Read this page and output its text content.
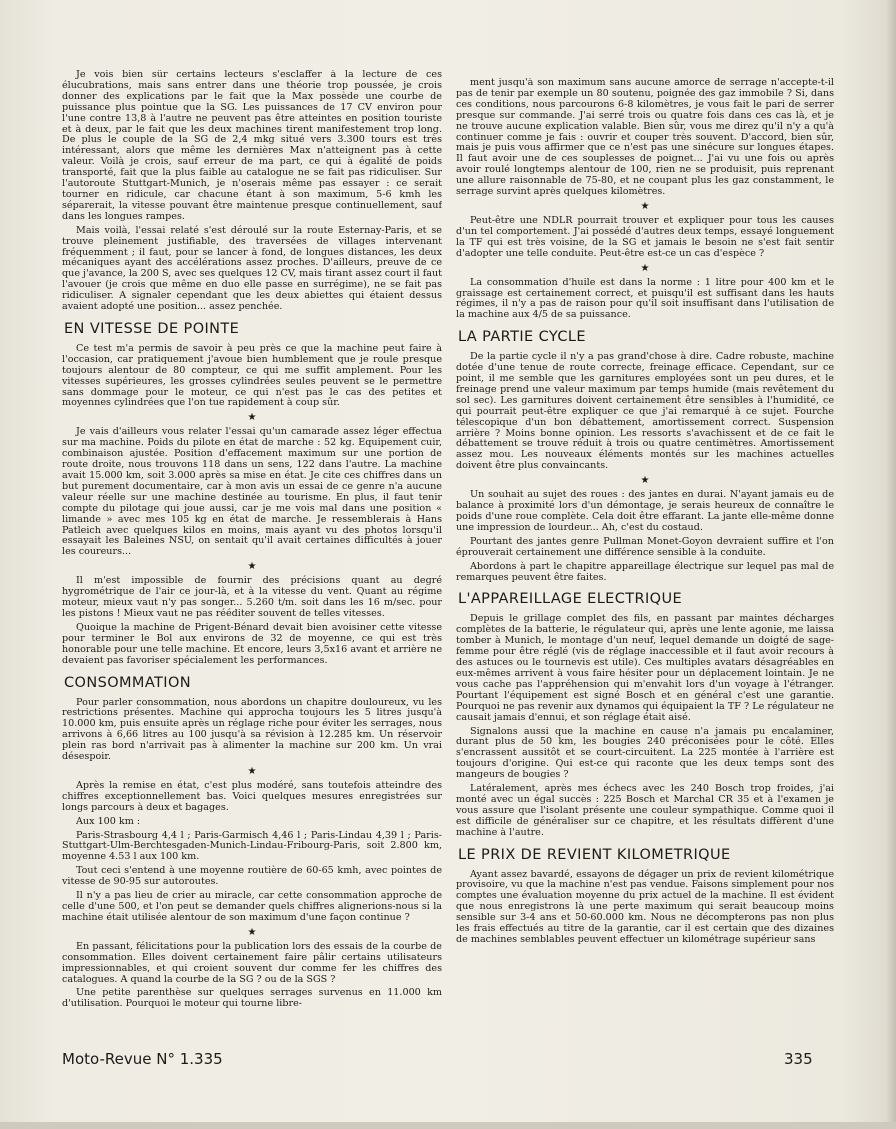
Je vois bien sûr certains lecteurs s'esclaffer à la lecture de ces élucubrations, mais sans entrer dans une théorie trop poussée, je crois donner des explications par le fait que la Max possède une courbe de puissance plus pointue que la SG. Les puissances de 17 CV environ pour l'une contre 13,8 à l'autre ne peuvent pas être atteintes en position touriste et à deux, par le fait que les deux machines tirent manifestement trop long. De plus le couple de la SG de 2,4 mkg situé vers 3.300 tours est très intéressant, alors que même les dernières Max n'atteignent pas à cette valeur. Voilà je crois, sauf erreur de ma part, ce qui à égalité de poids transporté, fait que la plus faible au catalogue ne se fait pas ridiculiser. Sur l'autoroute Stuttgart-Munich, je n'oserais même pas essayer : ce serait tourner en ridicule, car chacune étant à son maximum, 5-6 kmh les séparerait, la vitesse pouvant être maintenue presque continuellement, sauf dans les longues rampes.

Mais voilà, l'essai relaté s'est déroulé sur la route Esternay-Paris, et se trouve pleinement justifiable, des traversées de villages intervenant fréquemment ; il faut, pour se lancer à fond, de longues distances, les deux mécaniques ayant des accélérations assez proches. D'ailleurs, preuve de ce que j'avance, la 200 S, avec ses quelques 12 CV, mais tirant assez court il faut l'avouer (je crois que même en duo elle passe en surrégime), ne se fait pas ridiculiser. A signaler cependant que les deux abiettes qui étaient dessus avaient adopté une position... assez penchée.

EN VITESSE DE POINTE

Ce test m'a permis de savoir à peu près ce que la machine peut faire à l'occasion, car pratiquement j'avoue bien humblement que je roule presque toujours alentour de 80 compteur, ce qui me suffit amplement. Pour les vitesses supérieures, les grosses cylindrées seules peuvent se le permettre sans dommage pour le moteur, ce qui n'est pas le cas des petites et moyennes cylindrées que l'on tue rapidement à coup sûr.

★

Je vais d'ailleurs vous relater l'essai qu'un camarade assez léger effectua sur ma machine. Poids du pilote en état de marche : 52 kg. Equipement cuir, combinaison ajustée. Position d'effacement maximum sur une portion de route droite, nous trouvons 118 dans un sens, 122 dans l'autre. La machine avait 15.000 km, soit 3.000 après sa mise en état. Je cite ces chiffres dans un but purement documentaire, car à mon avis un essai de ce genre n'a aucune valeur réelle sur une machine destinée au tourisme. En plus, il faut tenir compte du pilotage qui joue aussi, car je me vois mal dans une position « limande » avec mes 105 kg en état de marche. Je ressemblerais à Hans Patleich avec quelques kilos en moins, mais ayant vu des photos lorsqu'il essayait les Baleines NSU, on sentait qu'il avait certaines difficultés à jouer les coureurs...

★

Il m'est impossible de fournir des précisions quant au degré hygrométrique de l'air ce jour-là, et à la vitesse du vent. Quant au régime moteur, mieux vaut n'y pas songer... 5.260 t/m. soit dans les 16 m/sec. pour les pistons ! Mieux vaut ne pas rééditer souvent de telles vitesses.

Quoique la machine de Prigent-Bénard devait bien avoisiner cette vitesse pour terminer le Bol aux environs de 32 de moyenne, ce qui est très honorable pour une telle machine. Et encore, leurs 3,5x16 avant et arrière ne devaient pas favoriser spécialement les performances.

CONSOMMATION

Pour parler consommation, nous abordons un chapitre douloureux, vu les restrictions présentes. Machine qui approcha toujours les 5 litres jusqu'à 10.000 km, puis ensuite après un réglage riche pour éviter les serrages, nous arrivons à 6,66 litres au 100 jusqu'à sa révision à 12.285 km. Un réservoir plein ras bord n'arrivait pas à alimenter la machine sur 200 km. Un vrai désespoir.

★

Après la remise en état, c'est plus modéré, sans toutefois atteindre des chiffres exceptionnellement bas. Voici quelques mesures enregistrées sur longs parcours à deux et bagages.

Aux 100 km :

Paris-Strasbourg 4,4 l ; Paris-Garmisch 4,46 l ; Paris-Lindau 4,39 l ; Paris-Stuttgart-Ulm-Berchtesgaden-Munich-Lindau-Fribourg-Paris, soit 2.800 km, moyenne 4.53 l aux 100 km.

Tout ceci s'entend à une moyenne routière de 60-65 kmh, avec pointes de vitesse de 90-95 sur autoroutes.

Il n'y a pas lieu de crier au miracle, car cette consommation approche de celle d'une 500, et l'on peut se demander quels chiffres alignerions-nous si la machine était utilisée alentour de son maximum d'une façon continue ?

★

En passant, félicitations pour la publication lors des essais de la courbe de consommation. Elles doivent certainement faire pâlir certains utilisateurs impressionnables, et qui croient souvent dur comme fer les chiffres des catalogues. A quand la courbe de la SG ? ou de la SGS ?

Une petite parenthèse sur quelques serrages survenus en 11.000 km d'utilisation. Pourquoi le moteur qui tourne libre-

ment jusqu'à son maximum sans aucune amorce de serrage n'accepte-t-il pas de tenir par exemple un 80 soutenu, poignée des gaz immobile ? Si, dans ces conditions, nous parcourons 6-8 kilomètres, je vous fait le pari de serrer presque sur commande. J'ai serré trois ou quatre fois dans ces cas là, et je ne trouve aucune explication valable. Bien sûr, vous me direz qu'il n'y a qu'à continuer comme je fais : ouvrir et couper très souvent. D'accord, bien sûr, mais je puis vous affirmer que ce n'est pas une sinécure sur longues étapes. Il faut avoir une de ces souplesses de poignet... J'ai vu une fois ou après avoir roulé longtemps alentour de 100, rien ne se produisit, puis reprenant une allure raisonnable de 75-80, et ne coupant plus les gaz constamment, le serrage survint après quelques kilomètres.

★

Peut-être une NDLR pourrait trouver et expliquer pour tous les causes d'un tel comportement. J'ai possédé d'autres deux temps, essayé longuement la TF qui est très voisine, de la SG et jamais le besoin ne s'est fait sentir d'adopter une telle conduite. Peut-être est-ce un cas d'espèce ?

★

La consommation d'huile est dans la norme : 1 litre pour 400 km et le graissage est certainement correct, et puisqu'il est suffisant dans les hauts régimes, il n'y a pas de raison pour qu'il soit insuffisant dans l'utilisation de la machine aux 4/5 de sa puissance.

LA PARTIE CYCLE

De la partie cycle il n'y a pas grand'chose à dire. Cadre robuste, machine dotée d'une tenue de route correcte, freinage efficace. Cependant, sur ce point, il me semble que les garnitures employées sont un peu dures, et le freinage prend une valeur maximum par temps humide (mais revêtement du sol sec). Les garnitures doivent certainement être sensibles à l'humidité, ce qui pourrait peut-être expliquer ce que j'ai remarqué à ce sujet. Fourche télescopique d'un bon débattement, amortissement correct. Suspension arrière ? Moins bonne opinion. Les ressorts s'avachissent et de ce fait le débattement se trouve réduit à trois ou quatre centimètres. Amortissement assez mou. Les nouveaux éléments montés sur les machines actuelles doivent être plus convaincants.

★

Un souhait au sujet des roues : des jantes en durai. N'ayant jamais eu de balance à proximité lors d'un démontage, je serais heureux de connaître le poids d'une roue complète. Cela doit être effarant. La jante elle-même donne une impression de lourdeur... Ah, c'est du costaud.

Pourtant des jantes genre Pullman Monet-Goyon devraient suffire et l'on éprouverait certainement une différence sensible à la conduite.

Abordons à part le chapitre appareillage électrique sur lequel pas mal de remarques peuvent être faites.

L'APPAREILLAGE ELECTRIQUE

Depuis le grillage complet des fils, en passant par maintes décharges complètes de la batterie, le régulateur qui, après une lente agonie, me laissa tomber à Munich, le montage d'un neuf, lequel demande un doigté de sage-femme pour être réglé (vis de réglage inaccessible et il faut avoir recours à des astuces ou le tournevis est utile). Ces multiples avatars désagréables en eux-mêmes arrivent à vous faire hésiter pour un déplacement lointain. Je ne vous cache pas l'appréhension qui m'envahit lors d'un voyage à l'étranger. Pourtant l'équipement est signé Bosch et en général c'est une garantie. Pourquoi ne pas revenir aux dynamos qui équipaient la TF ? Le régulateur ne causait jamais d'ennui, et son réglage était aisé.

Signalons aussi que la machine en cause n'a jamais pu encalaminer, durant plus de 50 km, les bougies 240 préconisées pour le côté. Elles s'encrassent aussitôt et se court-circuitent. La 225 montée à l'arrière est toujours d'origine. Qui est-ce qui raconte que les deux temps sont des mangeurs de bougies ?

Latéralement, après mes échecs avec les 240 Bosch trop froides, j'ai monté avec un égal succès : 225 Bosch et Marchal CR 35 et à l'examen je vous assure que l'isolant présente une couleur sympathique. Comme quoi il est difficile de généraliser sur ce chapitre, et les résultats diffèrent d'une machine à l'autre.

LE PRIX DE REVIENT KILOMETRIQUE

Ayant assez bavardé, essayons de dégager un prix de revient kilométrique provisoire, vu que la machine n'est pas vendue. Faisons simplement pour nos comptes une évaluation moyenne du prix actuel de la machine. Il est évident que nous enregistrons là une perte maximum qui serait beaucoup moins sensible sur 3-4 ans et 50-60.000 km. Nous ne décompterons pas non plus les frais effectués au titre de la garantie, car il est certain que des dizaines de machines semblables peuvent effectuer un kilométrage supérieur sans

Moto-Revue N° 1.335	335
